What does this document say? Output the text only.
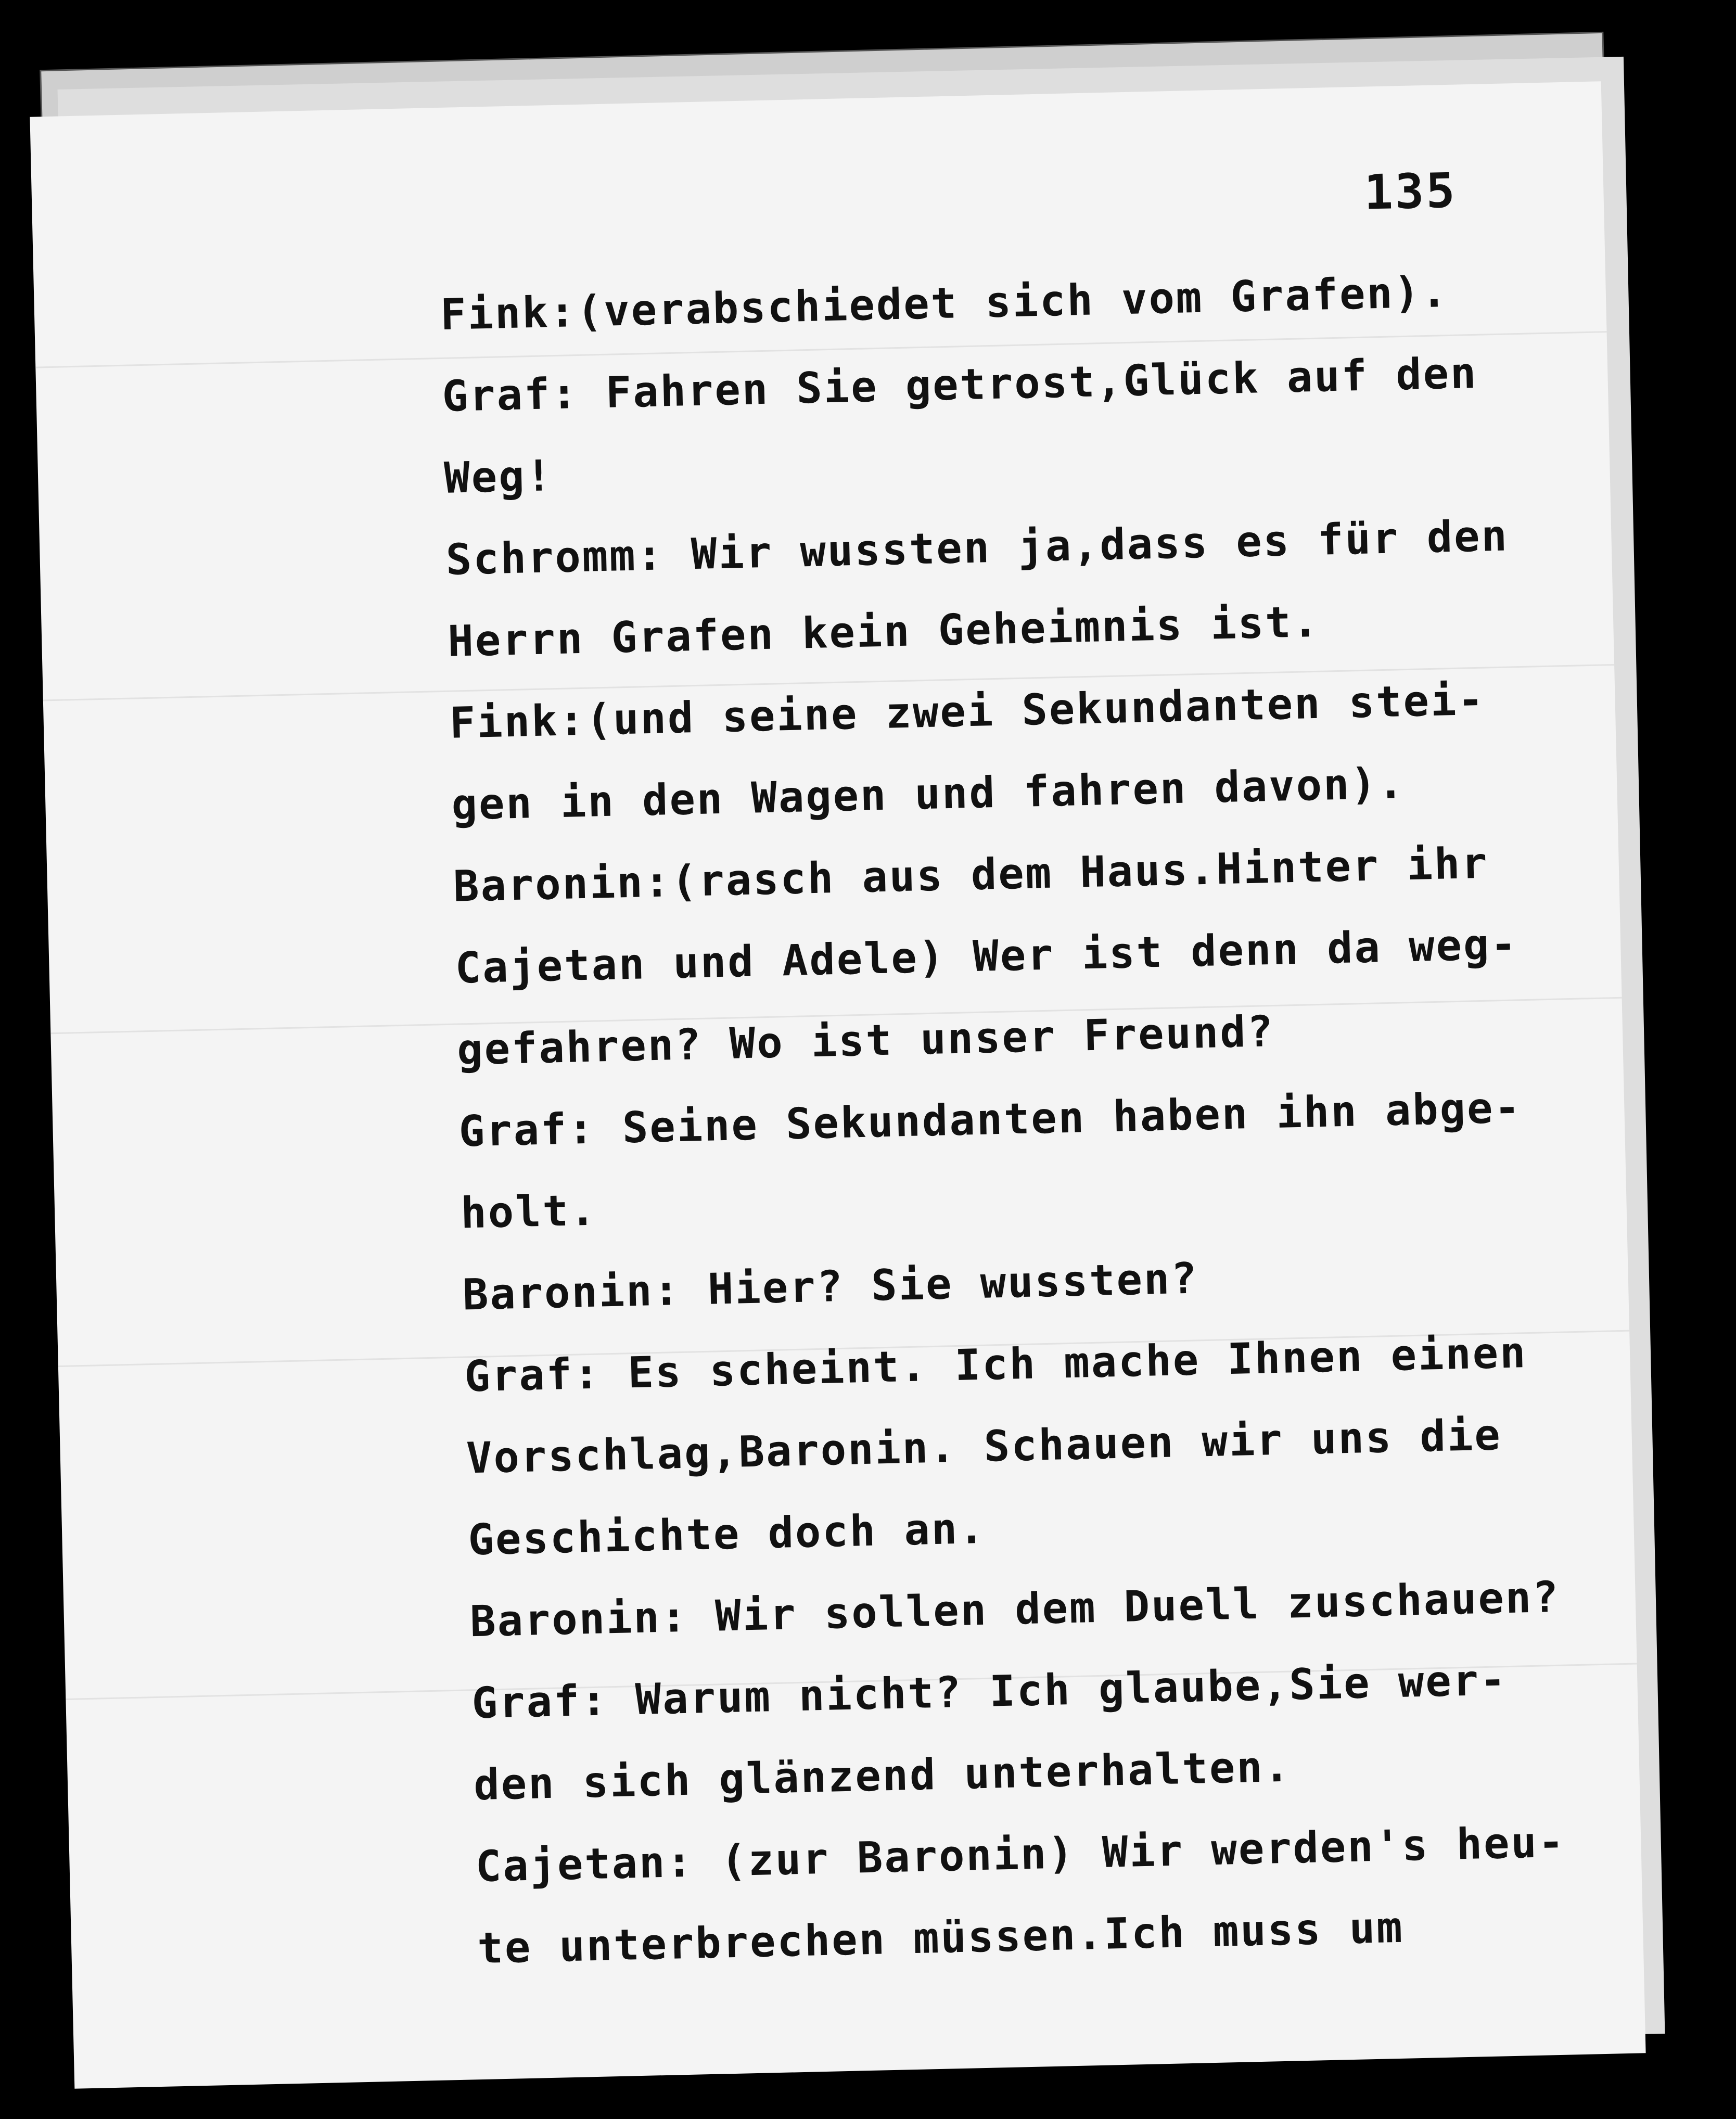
135
Fink:(verabschiedet sich vom Grafen).
Graf: Fahren Sie getrost,Glück auf den
Weg!
Schromm: Wir wussten ja,dass es für den
Herrn Grafen kein Geheimnis ist.
Fink:(und seine zwei Sekundanten stei-
gen in den Wagen und fahren davon).
Baronin:(rasch aus dem Haus.Hinter ihr
Cajetan und Adele) Wer ist denn da weg-
gefahren? Wo ist unser Freund?
Graf: Seine Sekundanten haben ihn abge-
holt.
Baronin: Hier? Sie wussten?
Graf: Es scheint. Ich mache Ihnen einen
Vorschlag,Baronin. Schauen wir uns die
Geschichte doch an.
Baronin: Wir sollen dem Duell zuschauen?
Graf: Warum nicht? Ich glaube,Sie wer-
den sich glänzend unterhalten.
Cajetan: (zur Baronin) Wir werden's heu-
te unterbrechen müssen.Ich muss um
